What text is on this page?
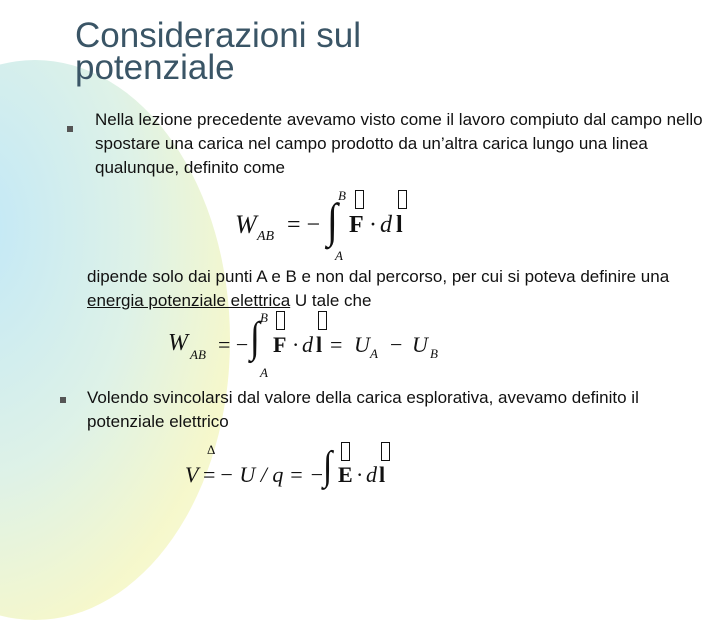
Considerazioni sul
potenziale

Nella lezione precedente avevamo visto come il lavoro compiuto dal campo nello spostare una carica nel campo prodotto da un’altra carica lungo una linea qualunque, definito come

W AB = −
B
∫
A
F · d l

dipende solo dai punti A e B e non dal percorso, per cui si poteva definire una energia potenziale elettrica U tale che

W AB = −
B
∫
A
F · d l = U A − U B

Volendo svincolarsi dal valore della carica esplorativa, avevamo definito il potenziale elettrico

Δ
V = − U / q = −
∫ E · d l
